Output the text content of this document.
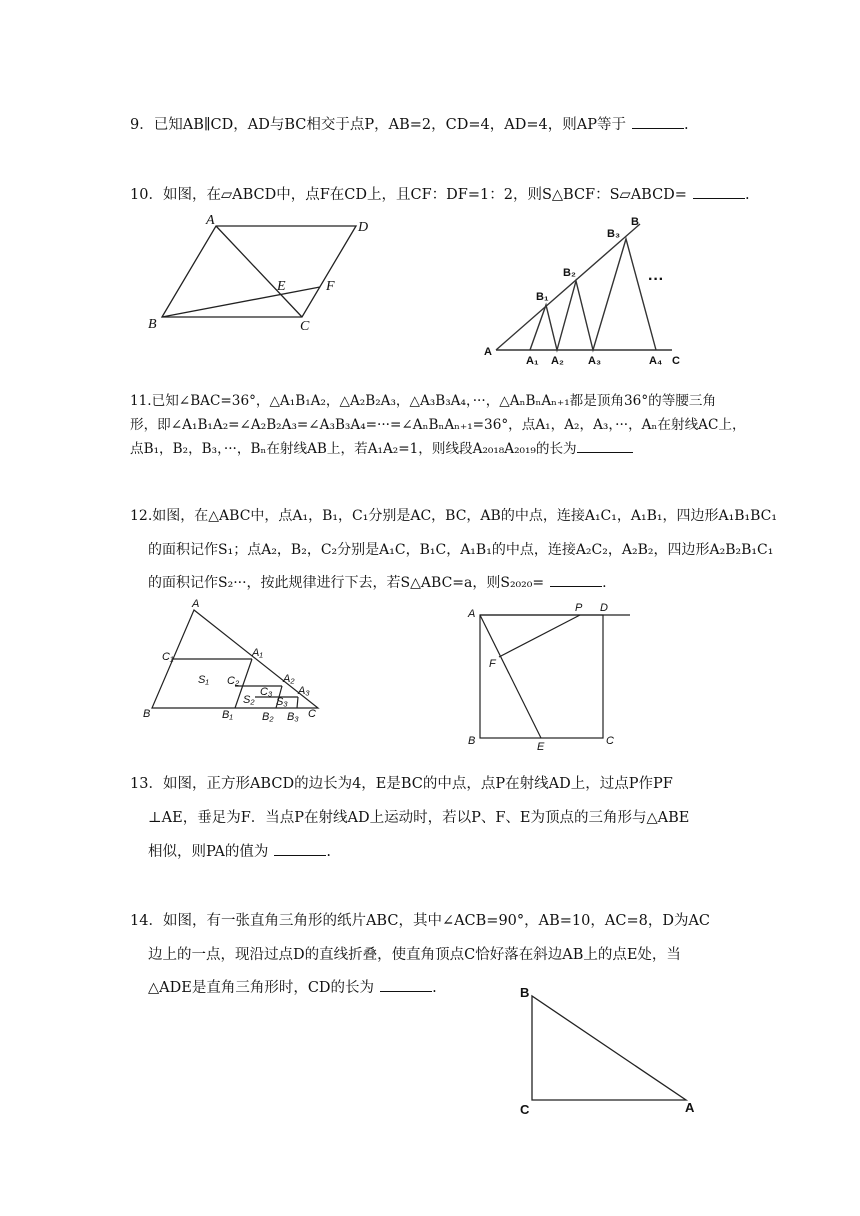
9．已知AB∥CD，AD与BC相交于点P，AB=2，CD=4，AD=4，则AP等于	.
10．如图，在▱ABCD中，点F在CD上，且CF：DF=1：2，则S△BCF：S▱ABCD=	.
A	D
E	F
B	C
B
B₃
B₂
B₁
A
A₁ A₂ A₃	A₄ C
···
11.已知∠BAC=36°，△A₁B₁A₂，△A₂B₂A₃，△A₃B₃A₄，···，△AₙBₙAₙ₊₁都是顶角36°的等腰三角
形，即∠A₁B₁A₂=∠A₂B₂A₃=∠A₃B₃A₄=···=∠AₙBₙAₙ₊₁=36°，点A₁，A₂，A₃，···，Aₙ在射线AC上，
点B₁，B₂，B₃，···，Bₙ在射线AB上，若A₁A₂=1，则线段A₂₀₁₈A₂₀₁₉的长为
12.如图，在△ABC中，点A₁，B₁，C₁分别是AC，BC，AB的中点，连接A₁C₁，A₁B₁，四边形A₁B₁BC₁
的面积记作S₁；点A₂，B₂，C₂分别是A₁C，B₁C，A₁B₁的中点，连接A₂C₂，A₂B₂，四边形A₂B₂B₁C₁
的面积记作S₂···，按此规律进行下去，若S△ABC=a，则S₂₀₂₀=	.
A
C₁	A₁
S₁ C₂	A₂
C₃ A₃
S₂ S₃
B	B₁	B₂ B₃ C
A	P D
F
B	E	C
13．如图，正方形ABCD的边长为4，E是BC的中点，点P在射线AD上，过点P作PF
⊥AE，垂足为F．当点P在射线AD上运动时，若以P、F、E为顶点的三角形与△ABE
相似，则PA的值为	.
14．如图，有一张直角三角形的纸片ABC，其中∠ACB=90°，AB=10，AC=8，D为AC
边上的一点，现沿过点D的直线折叠，使直角顶点C恰好落在斜边AB上的点E处，当
△ADE是直角三角形时，CD的长为	.	B
C	A
